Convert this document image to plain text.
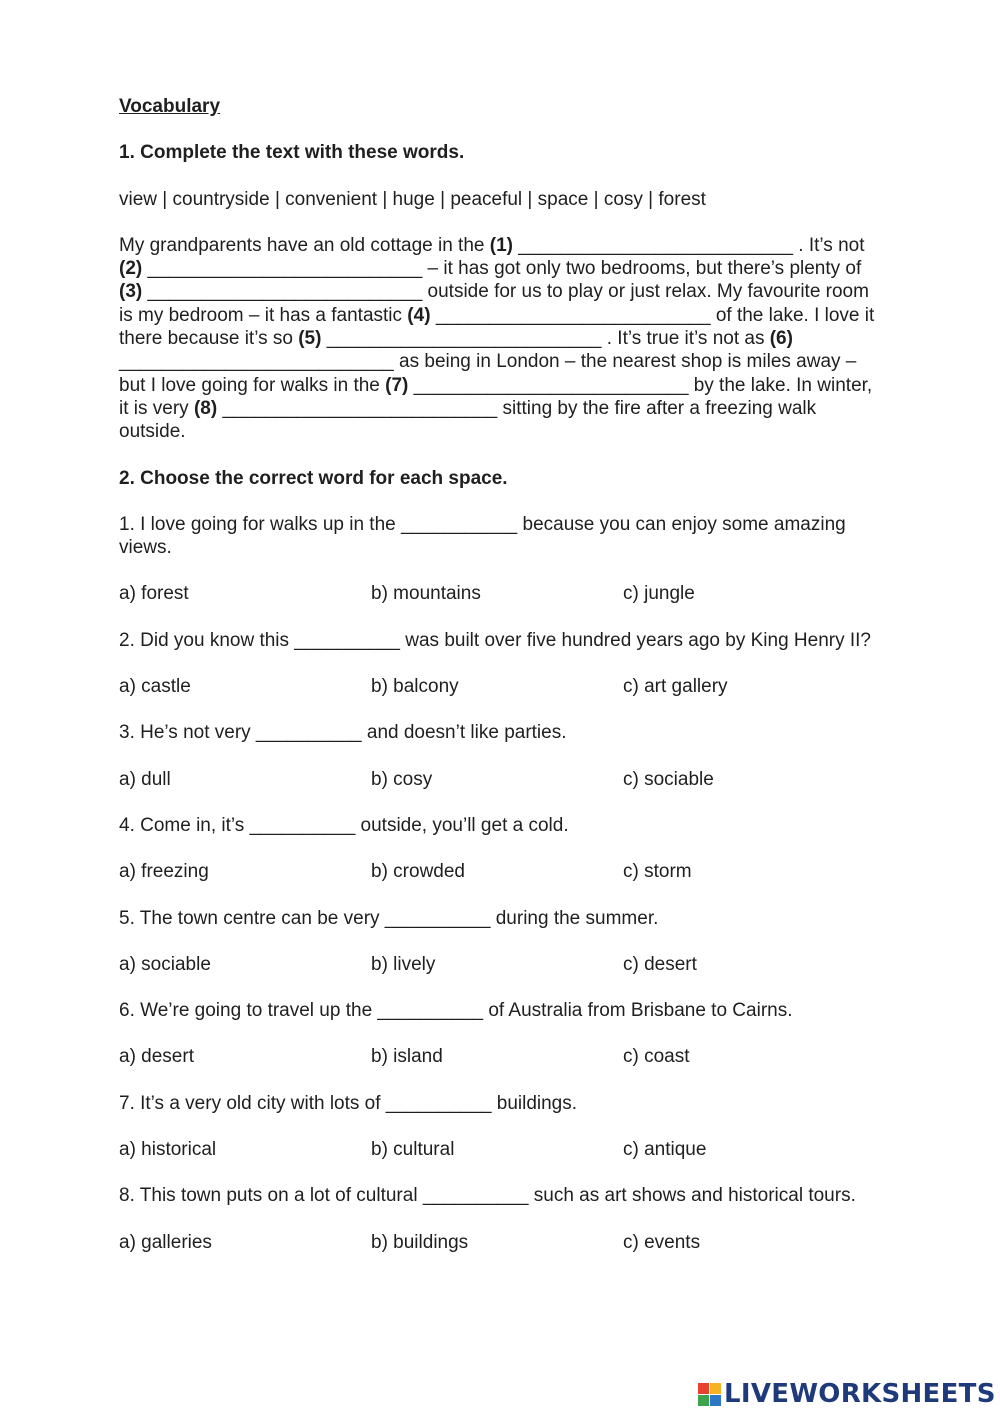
Vocabulary
1. Complete the text with these words.
view | countryside | convenient | huge | peaceful | space | cosy | forest
My grandparents have an old cottage in the (1) __________________________ . It’s not (2) __________________________ – it has got only two bedrooms, but there’s plenty of (3) __________________________ outside for us to play or just relax. My favourite room is my bedroom – it has a fantastic (4) __________________________ of the lake. I love it there because it’s so (5) __________________________ . It’s true it’s not as (6) __________________________ as being in London – the nearest shop is miles away – but I love going for walks in the (7) __________________________ by the lake. In winter, it is very (8) __________________________ sitting by the fire after a freezing walk outside.
2. Choose the correct word for each space.
1. I love going for walks up in the ___________ because you can enjoy some amazing views.
a) forest	b) mountains	c) jungle
2. Did you know this __________ was built over five hundred years ago by King Henry II?
a) castle	b) balcony	c) art gallery
3. He’s not very __________ and doesn’t like parties.
a) dull	b) cosy	c) sociable
4. Come in, it’s __________ outside, you’ll get a cold.
a) freezing	b) crowded	c) storm
5. The town centre can be very __________ during the summer.
a) sociable	b) lively	c) desert
6. We’re going to travel up the __________ of Australia from Brisbane to Cairns.
a) desert	b) island	c) coast
7. It’s a very old city with lots of __________ buildings.
a) historical	b) cultural	c) antique
8. This town puts on a lot of cultural __________ such as art shows and historical tours.
a) galleries	b) buildings	c) events
LIVEWORKSHEETS
